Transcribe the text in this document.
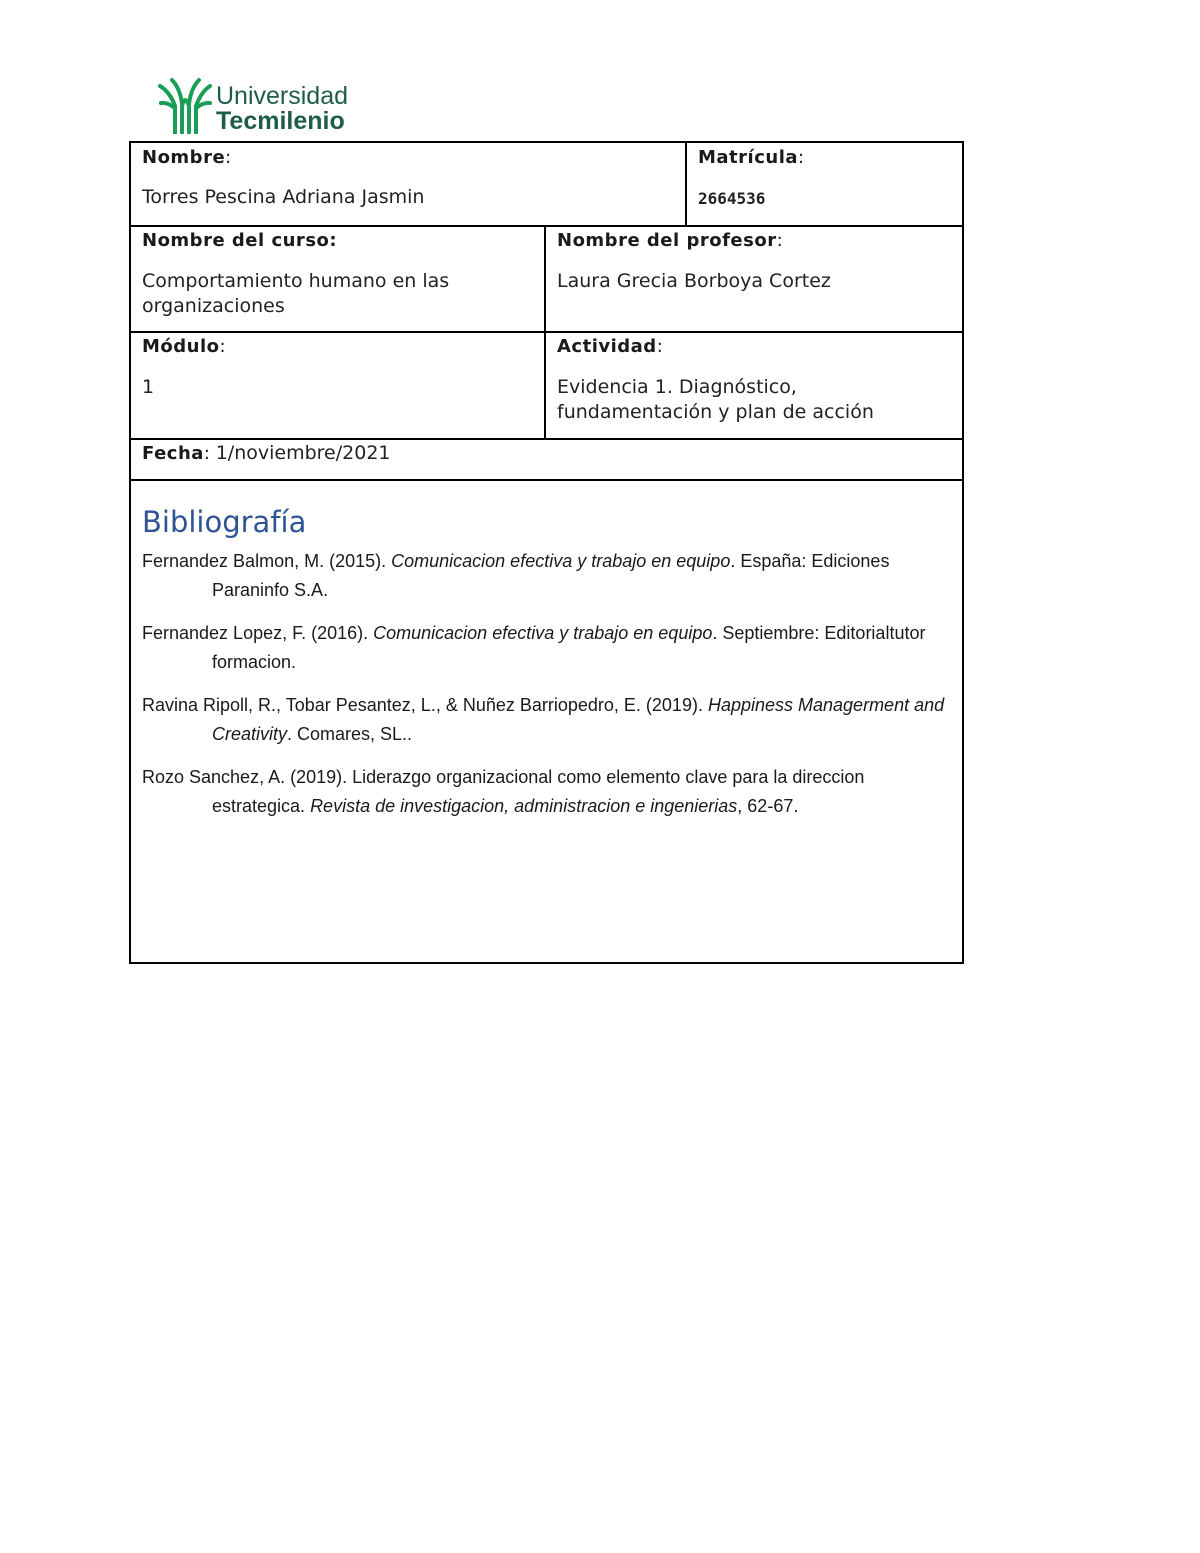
Universidad
Tecmilenio
Nombre:
Torres Pescina Adriana Jasmin
Matrícula:
2664536
Nombre del curso:
Comportamiento humano en las organizaciones
Nombre del profesor:
Laura Grecia Borboya Cortez
Módulo:
1
Actividad:
Evidencia 1. Diagnóstico, fundamentación y plan de acción
Fecha: 1/noviembre/2021
Bibliografía
Fernandez Balmon, M. (2015). Comunicacion efectiva y trabajo en equipo. España: Ediciones Paraninfo S.A.
Fernandez Lopez, F. (2016). Comunicacion efectiva y trabajo en equipo. Septiembre: Editorialtutor formacion.
Ravina Ripoll, R., Tobar Pesantez, L., & Nuñez Barriopedro, E. (2019). Happiness Managerment and Creativity. Comares, SL..
Rozo Sanchez, A. (2019). Liderazgo organizacional como elemento clave para la direccion estrategica. Revista de investigacion, administracion e ingenierias, 62-67.
